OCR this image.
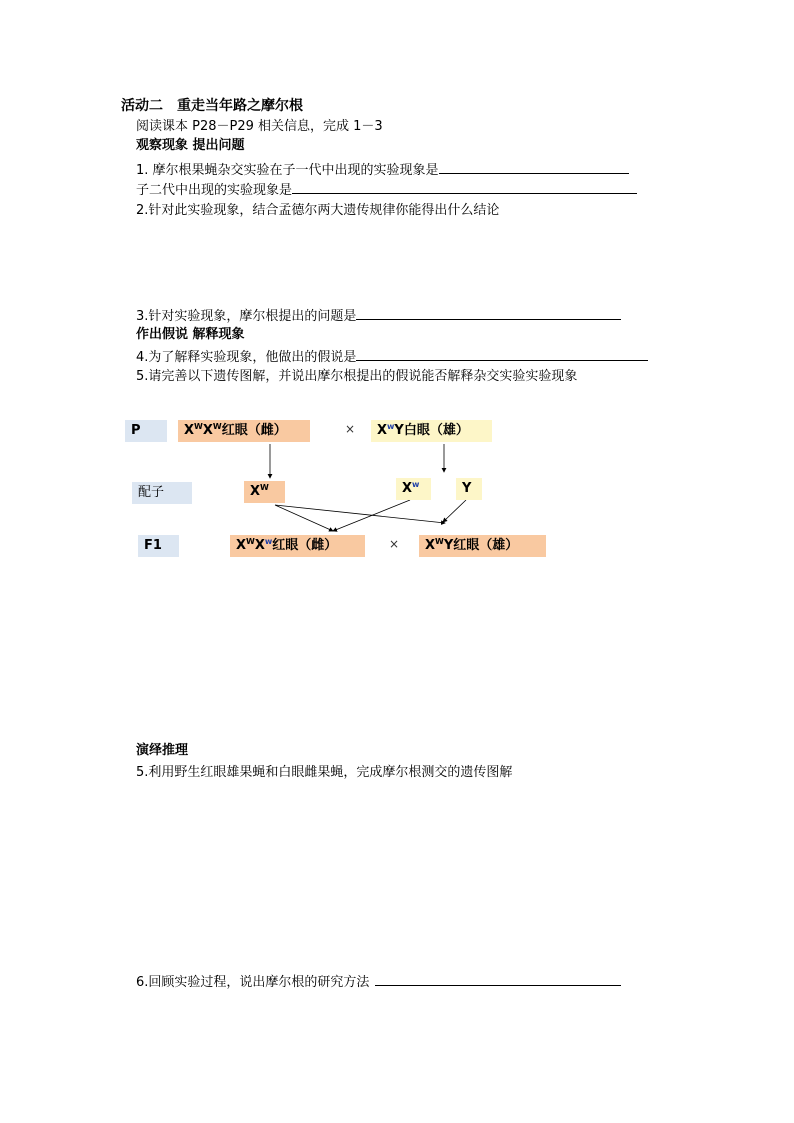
活动二　重走当年路之摩尔根
阅读课本 P28－P29 相关信息，完成 1－3
观察现象 提出问题
1. 摩尔根果蝇杂交实验在子一代中出现的实验现象是
子二代中出现的实验现象是
2.针对此实验现象，结合孟德尔两大遗传规律你能得出什么结论
3.针对实验现象，摩尔根提出的问题是
作出假说 解释现象
4.为了解释实验现象，他做出的假说是
5.请完善以下遗传图解，并说出摩尔根提出的假说能否解释杂交实验实验现象
P	$X^WX^W$红眼（雌）	×	$X^wY$白眼（雄）
配子	$X^W$	$X^w$	Y
F1	$X^WX^w$红眼（雌）	×	$X^WY$红眼（雄）
演绎推理
5.利用野生红眼雄果蝇和白眼雌果蝇，完成摩尔根测交的遗传图解
6.回顾实验过程，说出摩尔根的研究方法
